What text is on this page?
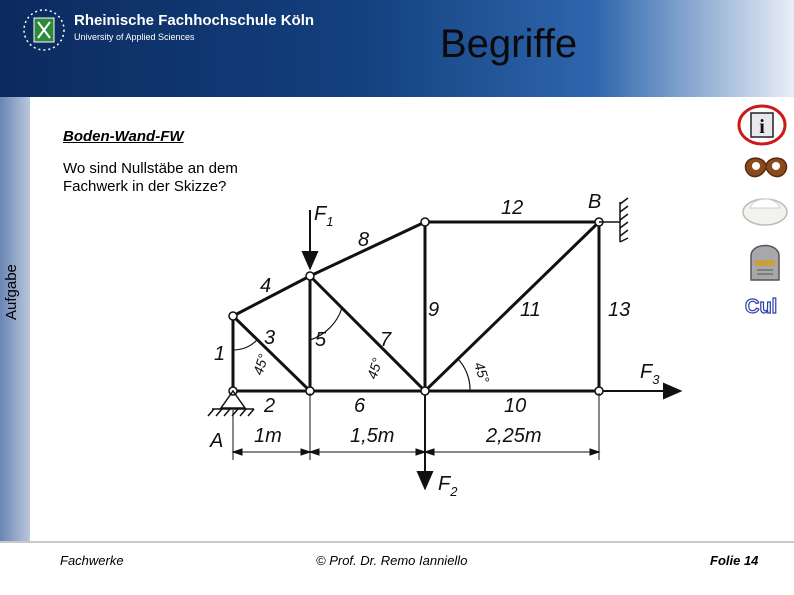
Rheinische Fachhochschule Köln
University of Applied Sciences	Begriffe
Aufgabe
Boden-Wand-FW
Wo sind Nullstäbe an dem Fachwerk in der Skizze?
$F_1$
$F_2$
$F_3$
A
B
1
2
3
4
5
6
7
8
9
10
11
12
13
1m	1,5m	2,25m
45°	45°	45°
i
Cul
Fachwerke	© Prof. Dr. Remo Ianniello	Folie 14
